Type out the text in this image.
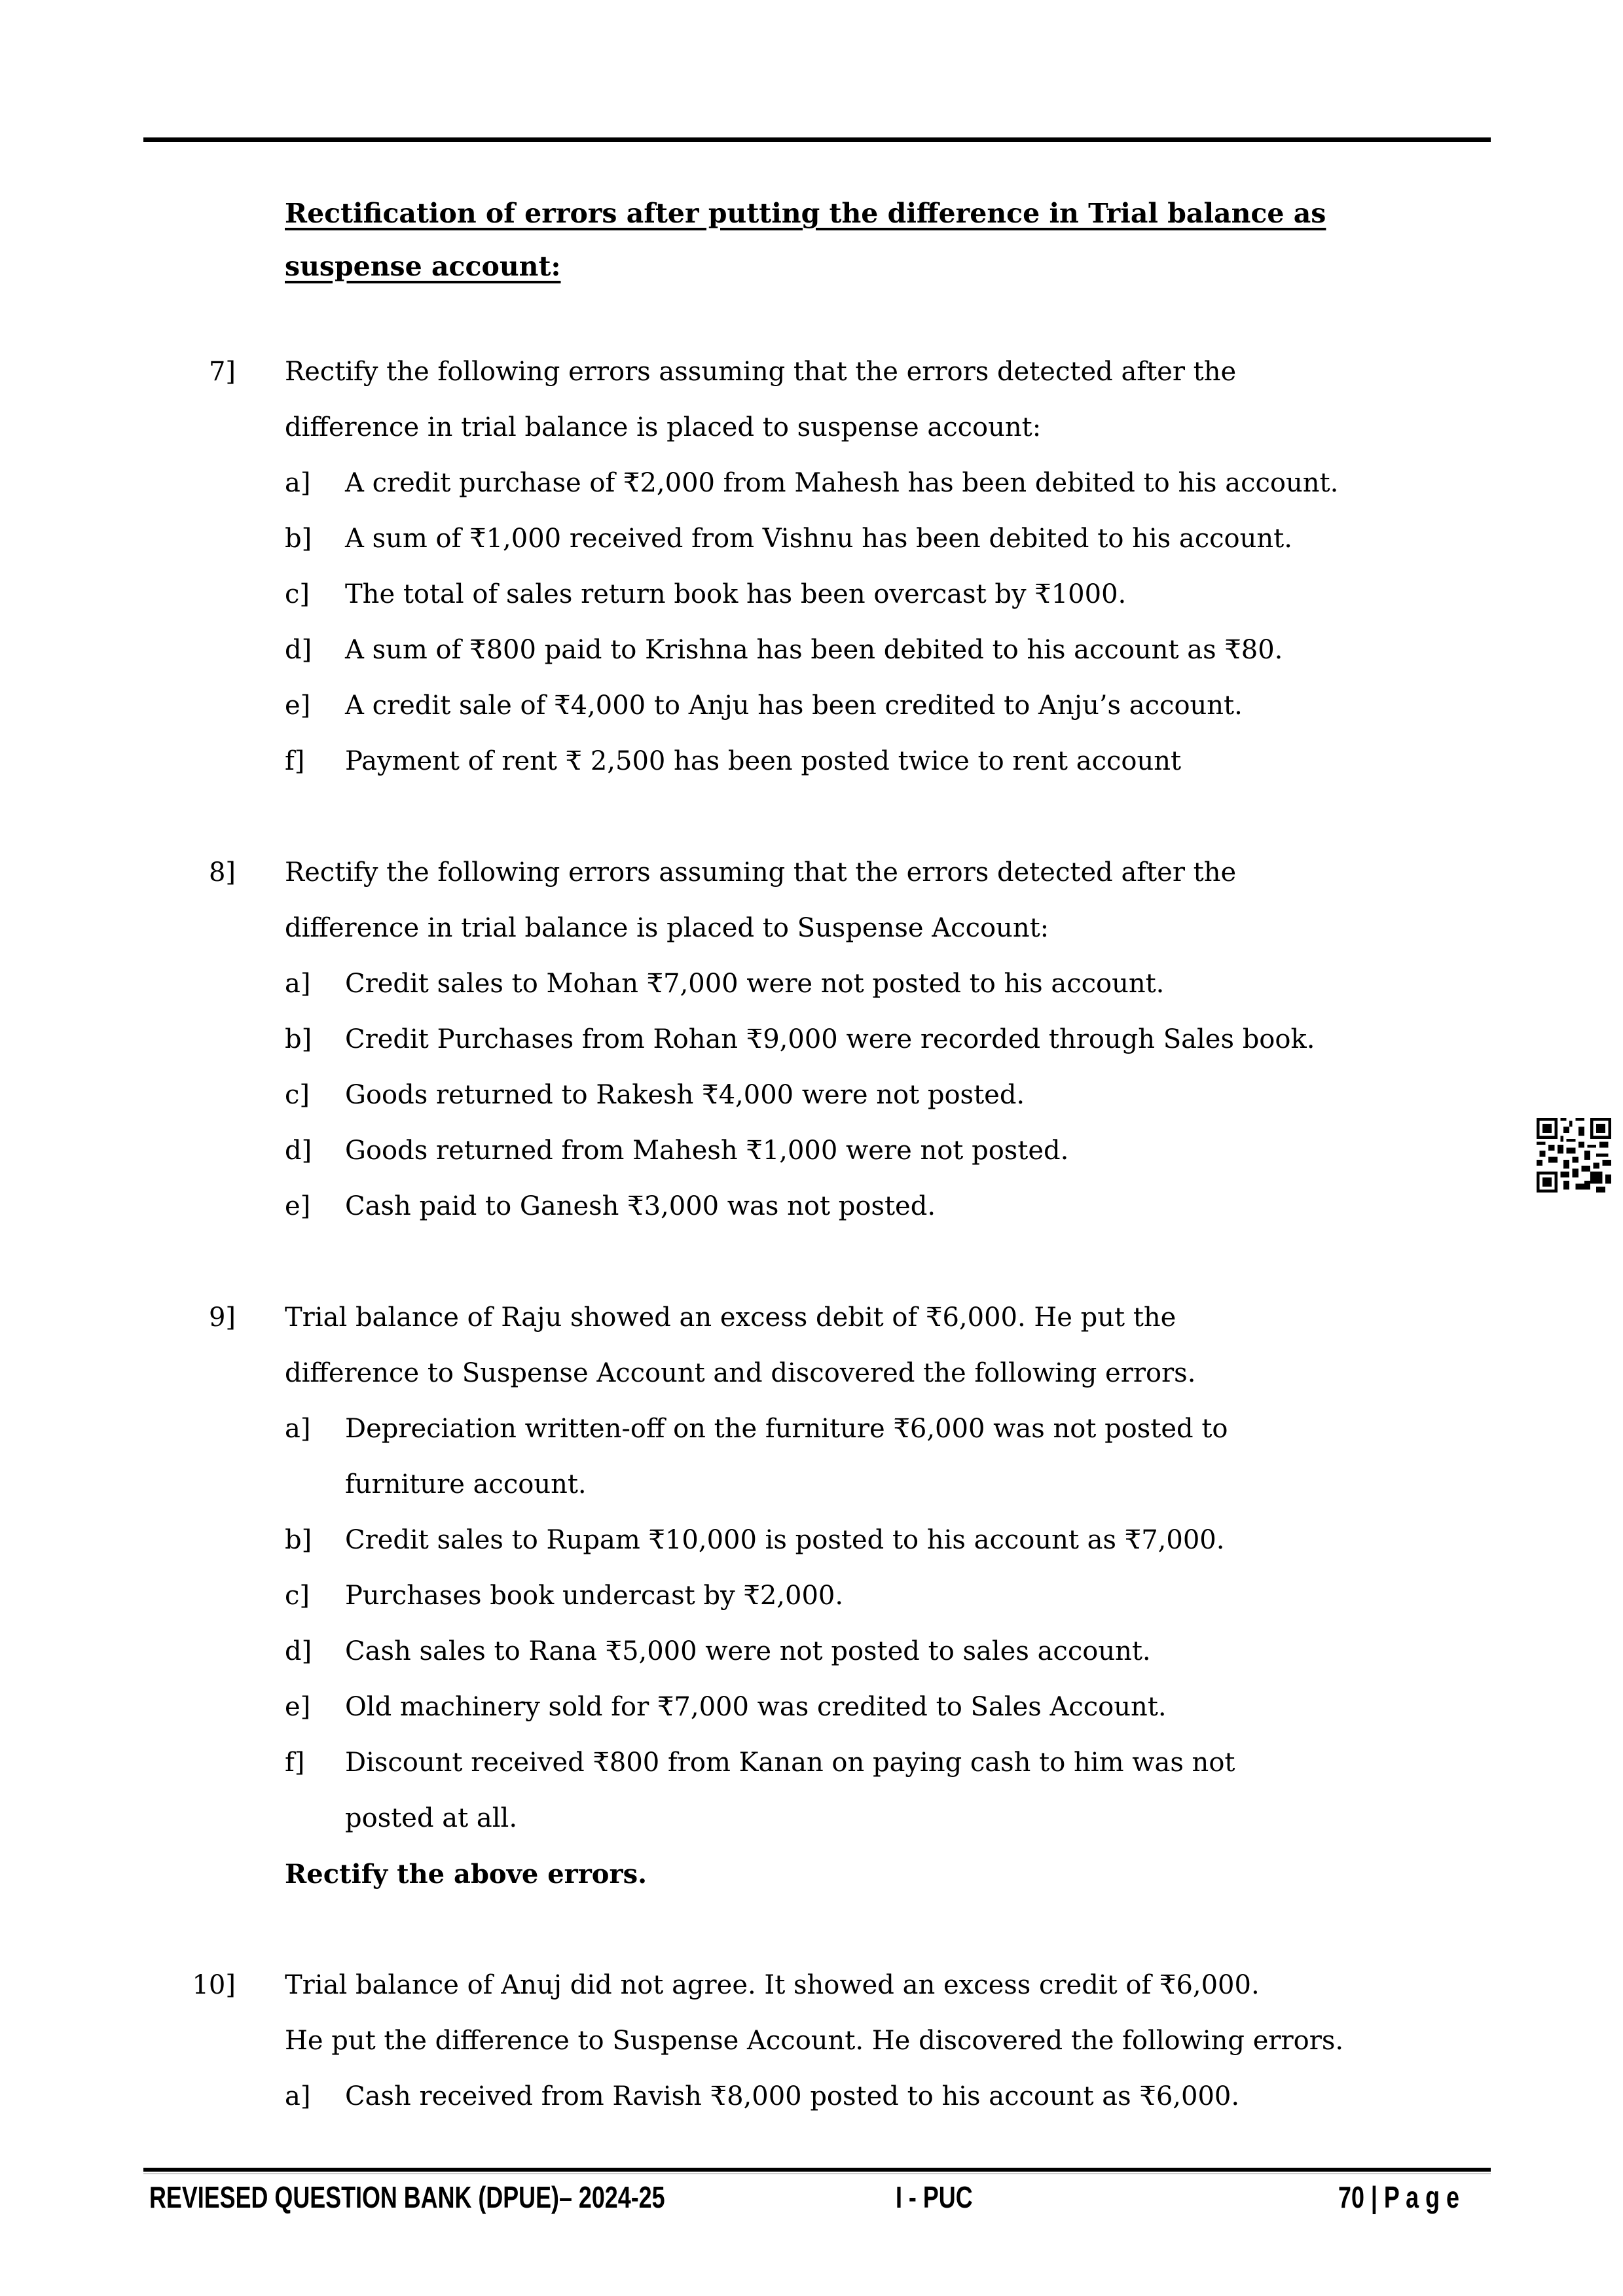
Rectification of errors after putting the difference in Trial balance as
suspense account:
7] Rectify the following errors assuming that the errors detected after the
difference in trial balance is placed to suspense account:
a] A credit purchase of ₹2,000 from Mahesh has been debited to his account.
b] A sum of ₹1,000 received from Vishnu has been debited to his account.
c] The total of sales return book has been overcast by ₹1000.
d] A sum of ₹800 paid to Krishna has been debited to his account as ₹80.
e] A credit sale of ₹4,000 to Anju has been credited to Anju’s account.
f] Payment of rent ₹ 2,500 has been posted twice to rent account
8] Rectify the following errors assuming that the errors detected after the
difference in trial balance is placed to Suspense Account:
a] Credit sales to Mohan ₹7,000 were not posted to his account.
b] Credit Purchases from Rohan ₹9,000 were recorded through Sales book.
c] Goods returned to Rakesh ₹4,000 were not posted.
d] Goods returned from Mahesh ₹1,000 were not posted.
e] Cash paid to Ganesh ₹3,000 was not posted.
9] Trial balance of Raju showed an excess debit of ₹6,000. He put the
difference to Suspense Account and discovered the following errors.
a] Depreciation written-off on the furniture ₹6,000 was not posted to
furniture account.
b] Credit sales to Rupam ₹10,000 is posted to his account as ₹7,000.
c] Purchases book undercast by ₹2,000.
d] Cash sales to Rana ₹5,000 were not posted to sales account.
e] Old machinery sold for ₹7,000 was credited to Sales Account.
f] Discount received ₹800 from Kanan on paying cash to him was not
posted at all.
Rectify the above errors.
10] Trial balance of Anuj did not agree. It showed an excess credit of ₹6,000.
He put the difference to Suspense Account. He discovered the following errors.
a] Cash received from Ravish ₹8,000 posted to his account as ₹6,000.
REVIESED QUESTION BANK (DPUE)– 2024-25	I - PUC	70 | P a g e
